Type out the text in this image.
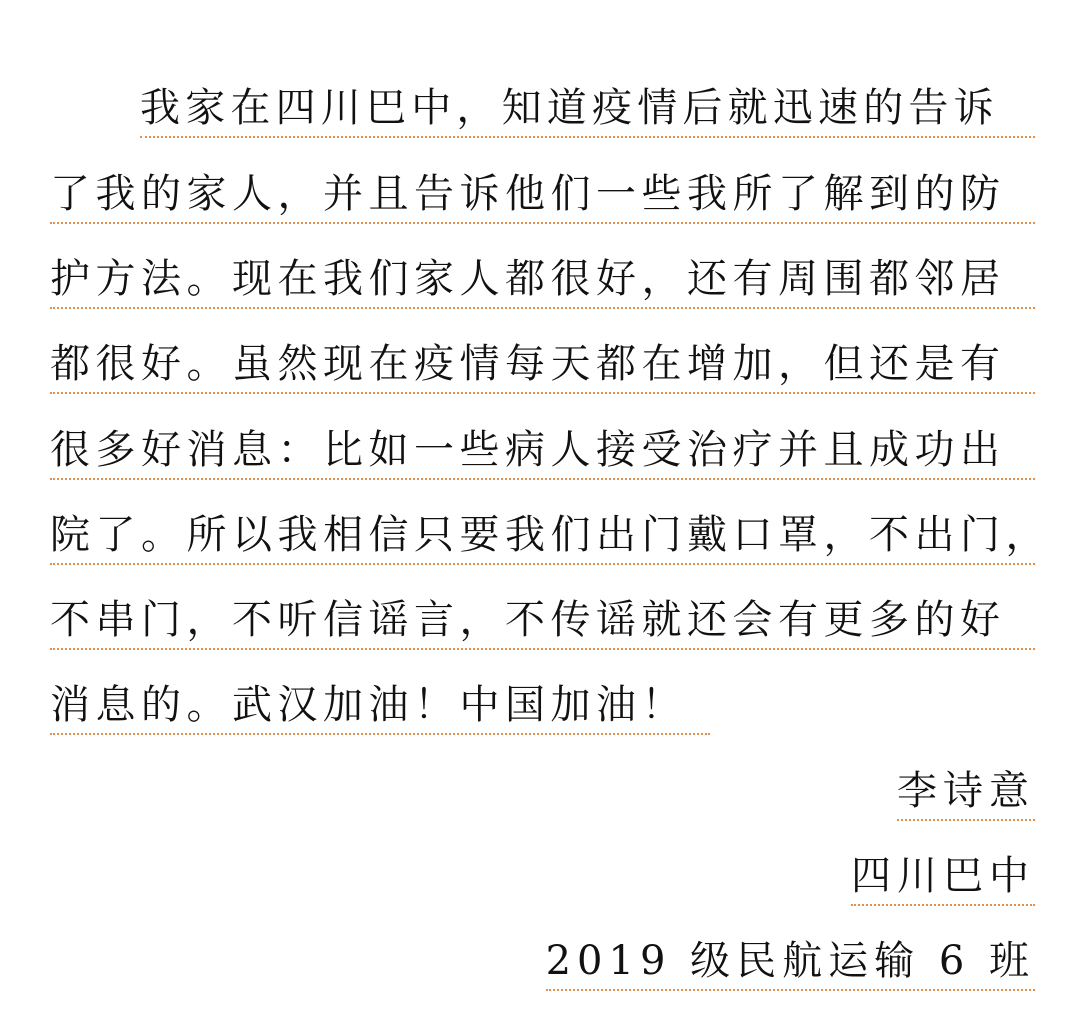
我家在四川巴中，知道疫情后就迅速的告诉
了我的家人，并且告诉他们一些我所了解到的防
护方法。现在我们家人都很好，还有周围都邻居
都很好。虽然现在疫情每天都在增加，但还是有
很多好消息：比如一些病人接受治疗并且成功出
院了。所以我相信只要我们出门戴口罩，不出门，
不串门，不听信谣言，不传谣就还会有更多的好
消息的。武汉加油！中国加油！
李诗意
四川巴中
2019 级民航运输 6 班
